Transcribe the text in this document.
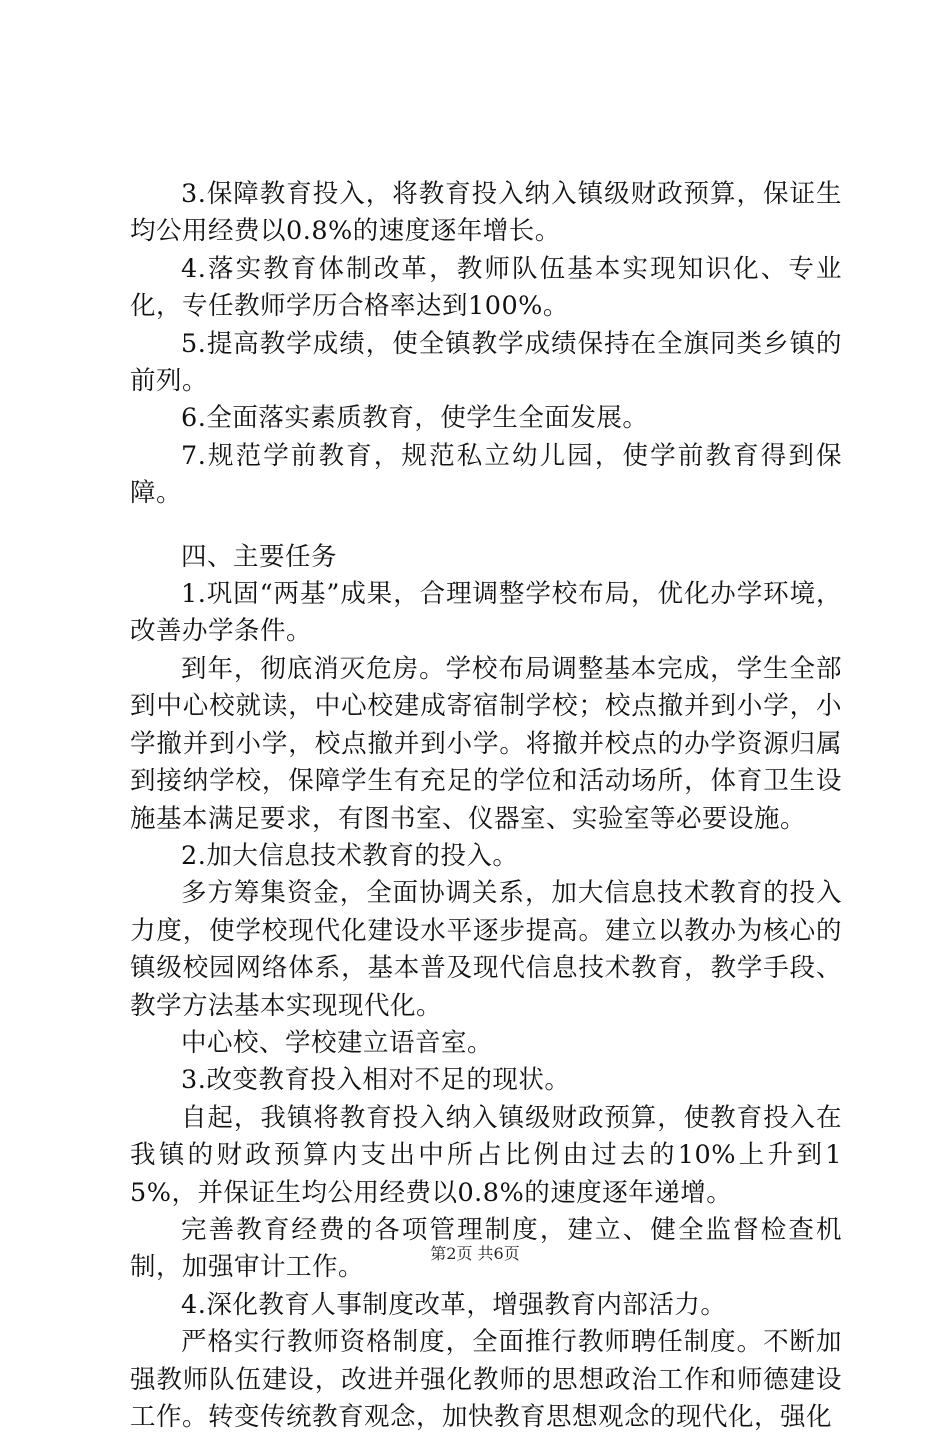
3.保障教育投入，将教育投入纳入镇级财政预算，保证生均公用经费以0.8%的速度逐年增长。

4.落实教育体制改革，教师队伍基本实现知识化、专业化，专任教师学历合格率达到100%。

5.提高教学成绩，使全镇教学成绩保持在全旗同类乡镇的前列。

6.全面落实素质教育，使学生全面发展。

7.规范学前教育，规范私立幼儿园，使学前教育得到保障。

四、主要任务

1.巩固“两基”成果，合理调整学校布局，优化办学环境，改善办学条件。

到年，彻底消灭危房。学校布局调整基本完成，学生全部到中心校就读，中心校建成寄宿制学校；校点撤并到小学，小学撤并到小学，校点撤并到小学。将撤并校点的办学资源归属到接纳学校，保障学生有充足的学位和活动场所，体育卫生设施基本满足要求，有图书室、仪器室、实验室等必要设施。

2.加大信息技术教育的投入。

多方筹集资金，全面协调关系，加大信息技术教育的投入力度，使学校现代化建设水平逐步提高。建立以教办为核心的镇级校园网络体系，基本普及现代信息技术教育，教学手段、教学方法基本实现现代化。

中心校、学校建立语音室。

3.改变教育投入相对不足的现状。

自起，我镇将教育投入纳入镇级财政预算，使教育投入在我镇的财政预算内支出中所占比例由过去的10%上升到15%，并保证生均公用经费以0.8%的速度逐年递增。

完善教育经费的各项管理制度，建立、健全监督检查机制，加强审计工作。

4.深化教育人事制度改革，增强教育内部活力。

严格实行教师资格制度，全面推行教师聘任制度。不断加强教师队伍建设，改进并强化教师的思想政治工作和师德建设工作。转变传统教育观念，加快教育思想观念的现代化，强化

第2页 共6页
